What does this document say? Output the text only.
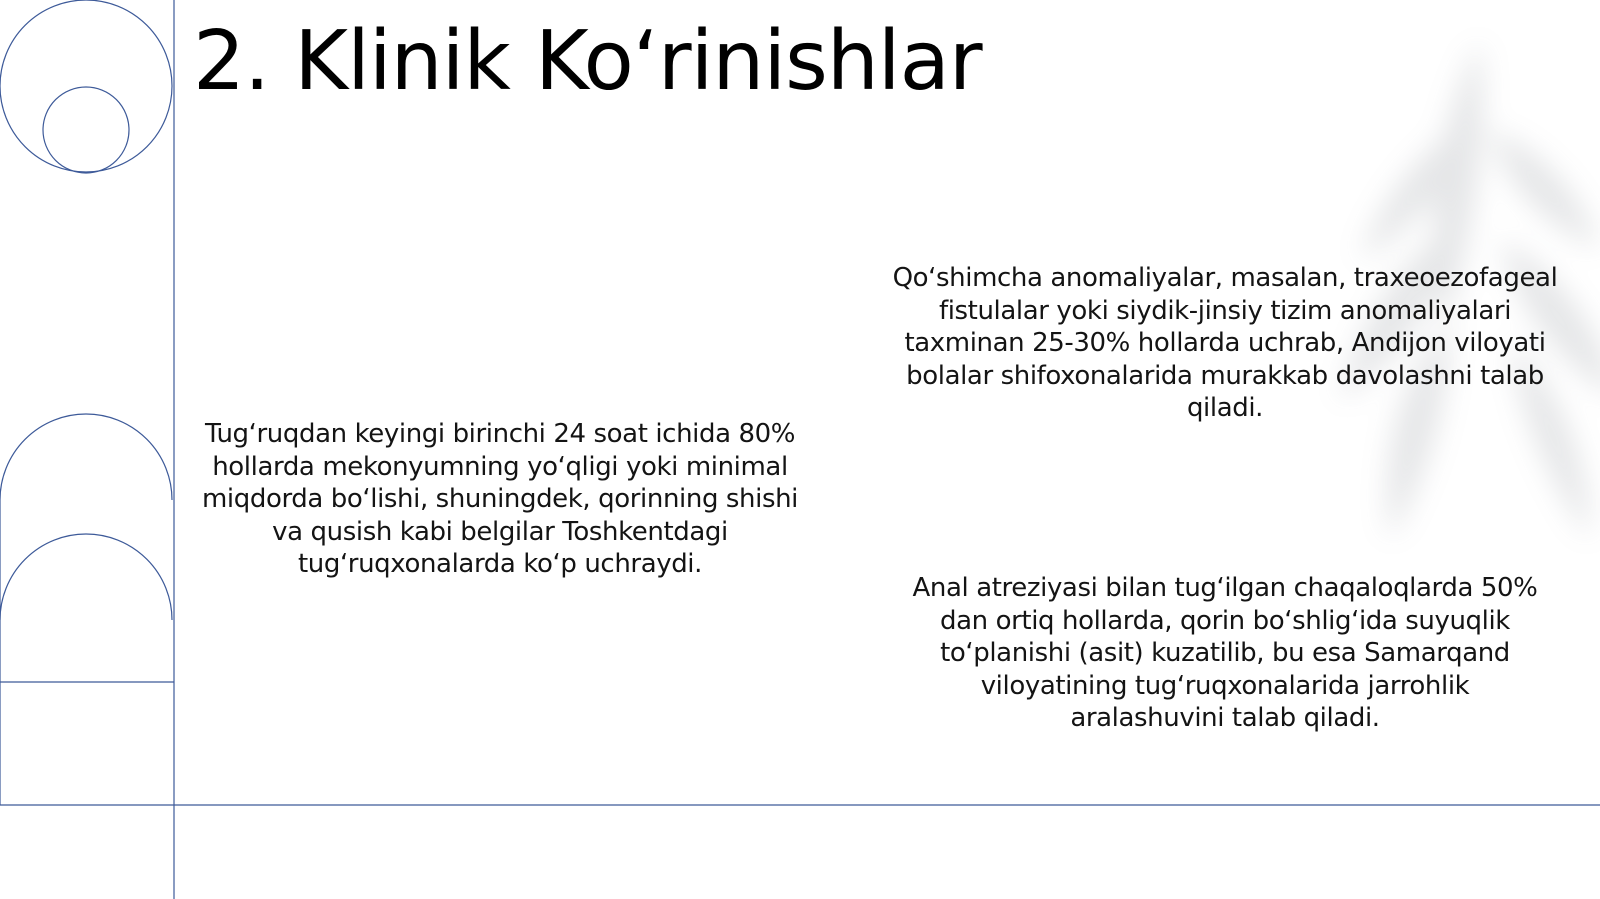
2. Klinik Ko‘rinishlar

Tug‘ruqdan keyingi birinchi 24 soat ichida 80% hollarda mekonyumning yo‘qligi yoki minimal miqdorda bo‘lishi, shuningdek, qorinning shishi va qusish kabi belgilar Toshkentdagi tug‘ruqxonalarda ko‘p uchraydi.

Qo‘shimcha anomaliyalar, masalan, traxeoezofageal fistulalar yoki siydik-jinsiy tizim anomaliyalari taxminan 25-30% hollarda uchrab, Andijon viloyati bolalar shifoxonalarida murakkab davolashni talab qiladi.

Anal atreziyasi bilan tug‘ilgan chaqaloqlarda 50% dan ortiq hollarda, qorin bo‘shlig‘ida suyuqlik to‘planishi (asit) kuzatilib, bu esa Samarqand viloyatining tug‘ruqxonalarida jarrohlik aralashuvini talab qiladi.
